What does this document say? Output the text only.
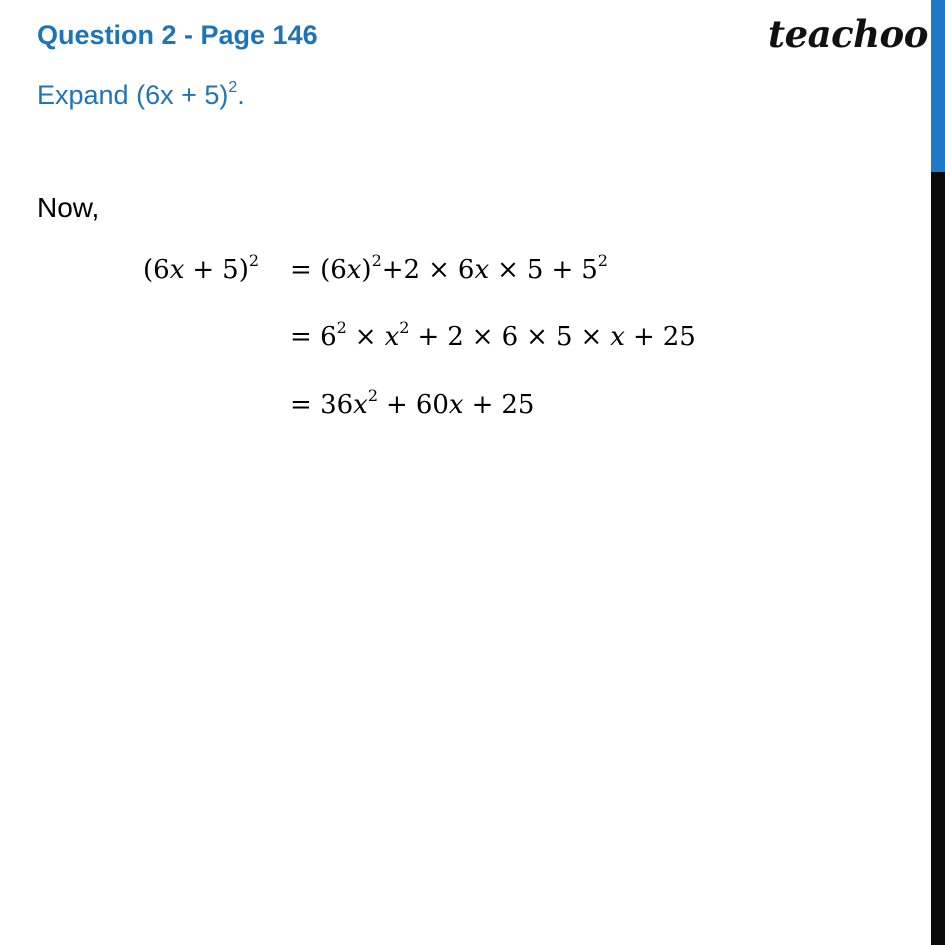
Question 2 - Page 146	teachoo
Expand $(6x + 5)^2$.
Now,
$(6x + 5)^2 = (6x)^2+2 \times 6x \times 5 + 5^2$
= $6^2 \times x^2 + 2 \times 6 \times 5 \times x + 25$
= $36x^2 + 60x + 25$
